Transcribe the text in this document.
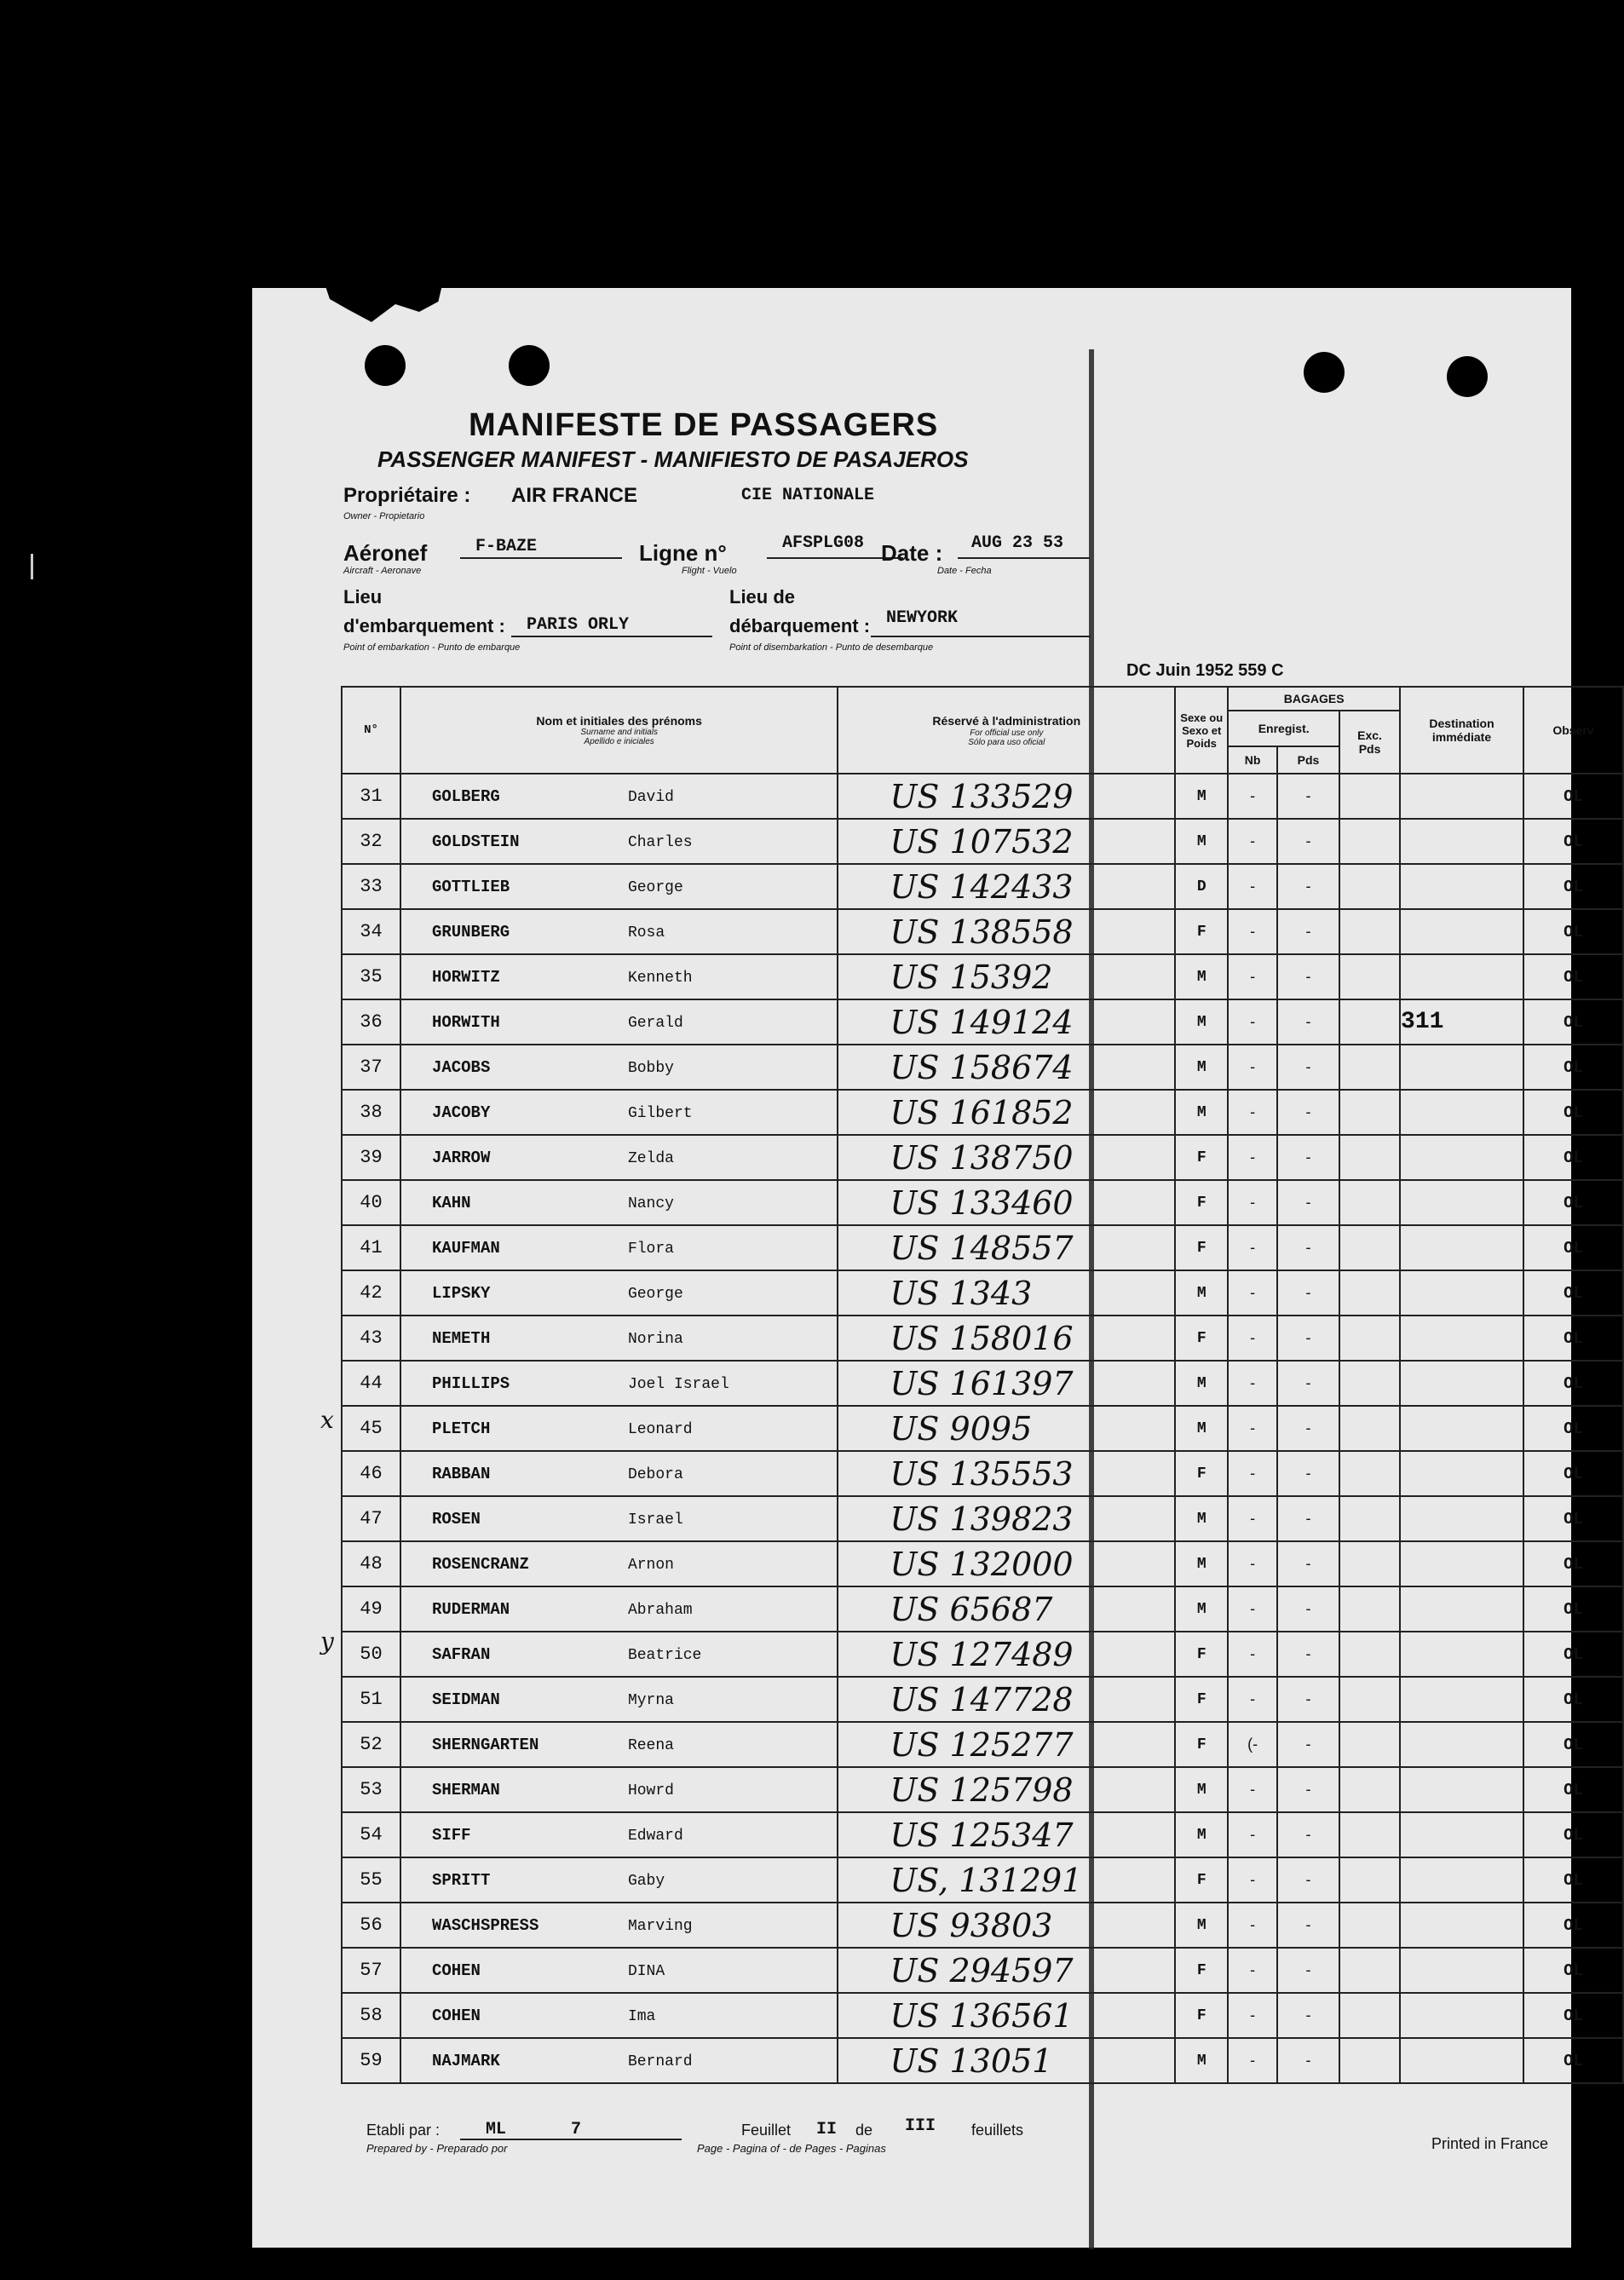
MANIFESTE DE PASSAGERS
PASSENGER MANIFEST - MANIFIESTO DE PASAJEROS
Propriétaire : AIR FRANCE	CIE NATIONALE
Owner - Propietario
Aéronef	F-BAZE
Aircraft - Aeronave
Ligne n°	AFSPLG08
Flight - Vuelo
Date : AUG 23 53
Date - Fecha
Lieu
d'embarquement : PARIS ORLY
Point of embarkation - Punto de embarque
Lieu de
débarquement : NEWYORK
Point of disembarkation - Punto de desembarque
DC Juin 1952 559 C
N°	Nom et initiales des prénoms
Surname and initials
Apellido e iniciales	Réservé à l'administration
For official use only
Sólo para uso oficial	Sexe ou Sexo et Poids	BAGAGES			Destination immédiate	Observ
				Enregist.		Exc.
Pds		
				Nb	Pds			
31	GOLBERG David	US 133529	M	-	-			OL
32	GOLDSTEIN Charles	US 107532	M	-	-			OL
33	GOTTLIEB George	US 142433	D	-	-			OL
34	GRUNBERG Rosa	US 138558	F	-	-			OL
35	HORWITZ Kenneth	US 15392	M	-	-			OL
36	HORWITH Gerald	US 149124	M	-	-		311	OL
37	JACOBS Bobby	US 158674	M	-	-			OL
38	JACOBY Gilbert	US 161852	M	-	-			OL
39	JARROW Zelda	US 138750	F	-	-			OL
40	KAHN Nancy	US 133460	F	-	-			OL
41	KAUFMAN Flora	US 148557	F	-	-			OL
42	LIPSKY George	US 1343	M	-	-			OL
43	NEMETH Norina	US 158016	F	-	-			OL
44	PHILLIPS Joel Israel	US 161397	M	-	-			OL
45	PLETCH Leonard	US 9095	M	-	-			OL
46	RABBAN Debora	US 135553	F	-	-			OL
47	ROSEN Israel	US 139823	M	-	-			OL
48	ROSENCRANZ Arnon	US 132000	M	-	-			OL
49	RUDERMAN Abraham	US 65687	M	-	-			OL
50	SAFRAN Beatrice	US 127489	F	-	-			OL
51	SEIDMAN Myrna	US 147728	F	-	-			OL
52	SHERNGARTEN Reena	US 125277	F	(-	-			OL
53	SHERMAN Howrd	US 125798	M	-	-			OL
54	SIFF Edward	US 125347	M	-	-			OL
55	SPRITT Gaby	US, 131291	F	-	-			OL
56	WASCHSPRESS Marving	US 93803	M	-	-			OL
57	COHEN DINA	US 294597	F	-	-			OL
58	COHEN Ima	US 136561	F	-	-			OL
59	NAJMARK Bernard	US 13051	M	-	-			OL
x
y
Etabli par :	ML	7
Prepared by - Preparado por
Feuillet II de III feuillets
Page - Pagina of - de Pages - Paginas	Printed in France
